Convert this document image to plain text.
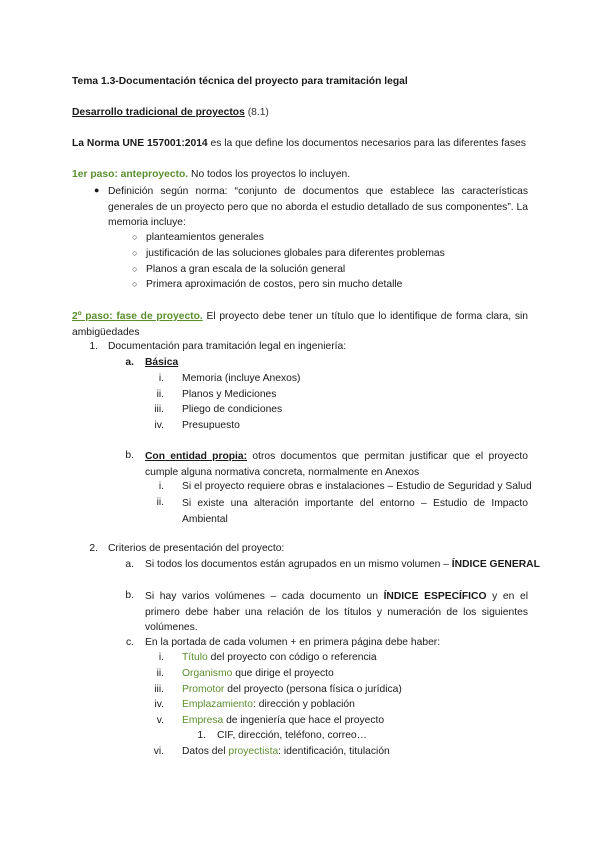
Tema 1.3-Documentación técnica del proyecto para tramitación legal
Desarrollo tradicional de proyectos (8.1)
La Norma UNE 157001:2014 es la que define los documentos necesarios para las diferentes fases
1er paso: anteproyecto. No todos los proyectos lo incluyen.
● Definición según norma: “conjunto de documentos que establece las características generales de un proyecto pero que no aborda el estudio detallado de sus componentes”. La memoria incluye:
○ planteamientos generales
○ justificación de las soluciones globales para diferentes problemas
○ Planos a gran escala de la solución general
○ Primera aproximación de costos, pero sin mucho detalle
2º paso: fase de proyecto. El proyecto debe tener un título que lo identifique de forma clara, sin ambigüedades
1. Documentación para tramitación legal en ingeniería:
a. Básica
i. Memoria (incluye Anexos)
ii. Planos y Mediciones
iii. Pliego de condiciones
iv. Presupuesto
b. Con entidad propia: otros documentos que permitan justificar que el proyecto cumple alguna normativa concreta, normalmente en Anexos
i. Si el proyecto requiere obras e instalaciones – Estudio de Seguridad y Salud
ii. Si existe una alteración importante del entorno – Estudio de Impacto Ambiental
2. Criterios de presentación del proyecto:
a. Si todos los documentos están agrupados en un mismo volumen – ÍNDICE GENERAL
b. Si hay varios volúmenes – cada documento un ÍNDICE ESPECÍFICO y en el primero debe haber una relación de los títulos y numeración de los siguientes volúmenes.
c. En la portada de cada volumen + en primera página debe haber:
i. Título del proyecto con código o referencia
ii. Organismo que dirige el proyecto
iii. Promotor del proyecto (persona física o jurídica)
iv. Emplazamiento: dirección y población
v. Empresa de ingeniería que hace el proyecto
1. CIF, dirección, teléfono, correo…
vi. Datos del proyectista: identificación, titulación
